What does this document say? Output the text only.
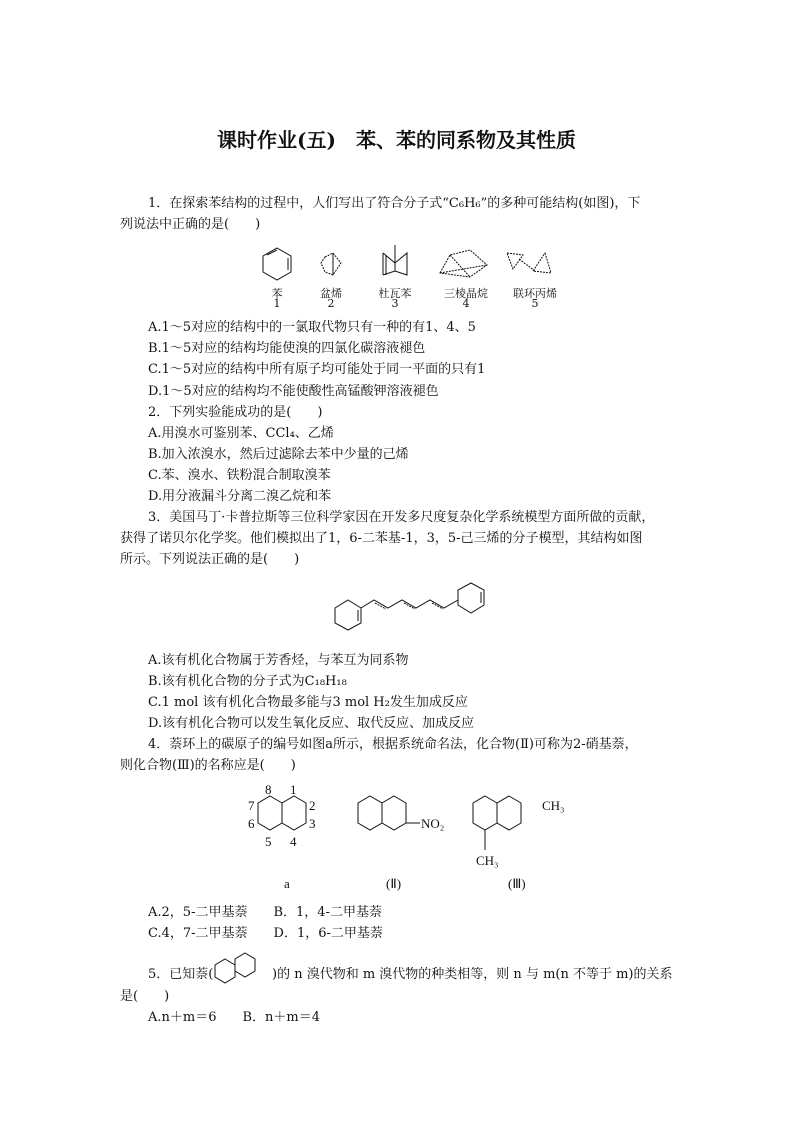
课时作业(五)　苯、苯的同系物及其性质
1．在探索苯结构的过程中，人们写出了符合分子式“C₆H₆”的多种可能结构(如图)，下
列说法中正确的是(　　)
苯
1
盆烯
2
杜瓦苯
3
三棱晶烷
4
联环丙烯
5
A.1～5对应的结构中的一氯取代物只有一种的有1、4、5
B.1～5对应的结构均能使溴的四氯化碳溶液褪色
C.1～5对应的结构中所有原子均可能处于同一平面的只有1
D.1～5对应的结构均不能使酸性高锰酸钾溶液褪色
2．下列实验能成功的是(　　)
A.用溴水可鉴别苯、CCl₄、乙烯
B.加入浓溴水，然后过滤除去苯中少量的己烯
C.苯、溴水、铁粉混合制取溴苯
D.用分液漏斗分离二溴乙烷和苯
3．美国马丁·卡普拉斯等三位科学家因在开发多尺度复杂化学系统模型方面所做的贡献，
获得了诺贝尔化学奖。他们模拟出了1，6-二苯基-1，3，5-己三烯的分子模型，其结构如图
所示。下列说法正确的是(　　)
A.该有机化合物属于芳香烃，与苯互为同系物
B.该有机化合物的分子式为C₁₈H₁₈
C.1 mol 该有机化合物最多能与3 mol H₂发生加成反应
D.该有机化合物可以发生氧化反应、取代反应、加成反应
4．萘环上的碳原子的编号如图a所示，根据系统命名法，化合物(Ⅱ)可称为2-硝基萘，
则化合物(Ⅲ)的名称应是(　　)
8 1
2
3
4
5
6
7
NO₂
CH₃
CH₃
a	(Ⅱ)	(Ⅲ)
A.2，5-二甲基萘　　B．1，4-二甲基萘
C.4，7-二甲基萘　　D．1，6-二甲基萘
5．已知萘(	)的 n 溴代物和 m 溴代物的种类相等，则 n 与 m(n 不等于 m)的关系
是(　　)
A.n＋m＝6　　B．n＋m＝4
